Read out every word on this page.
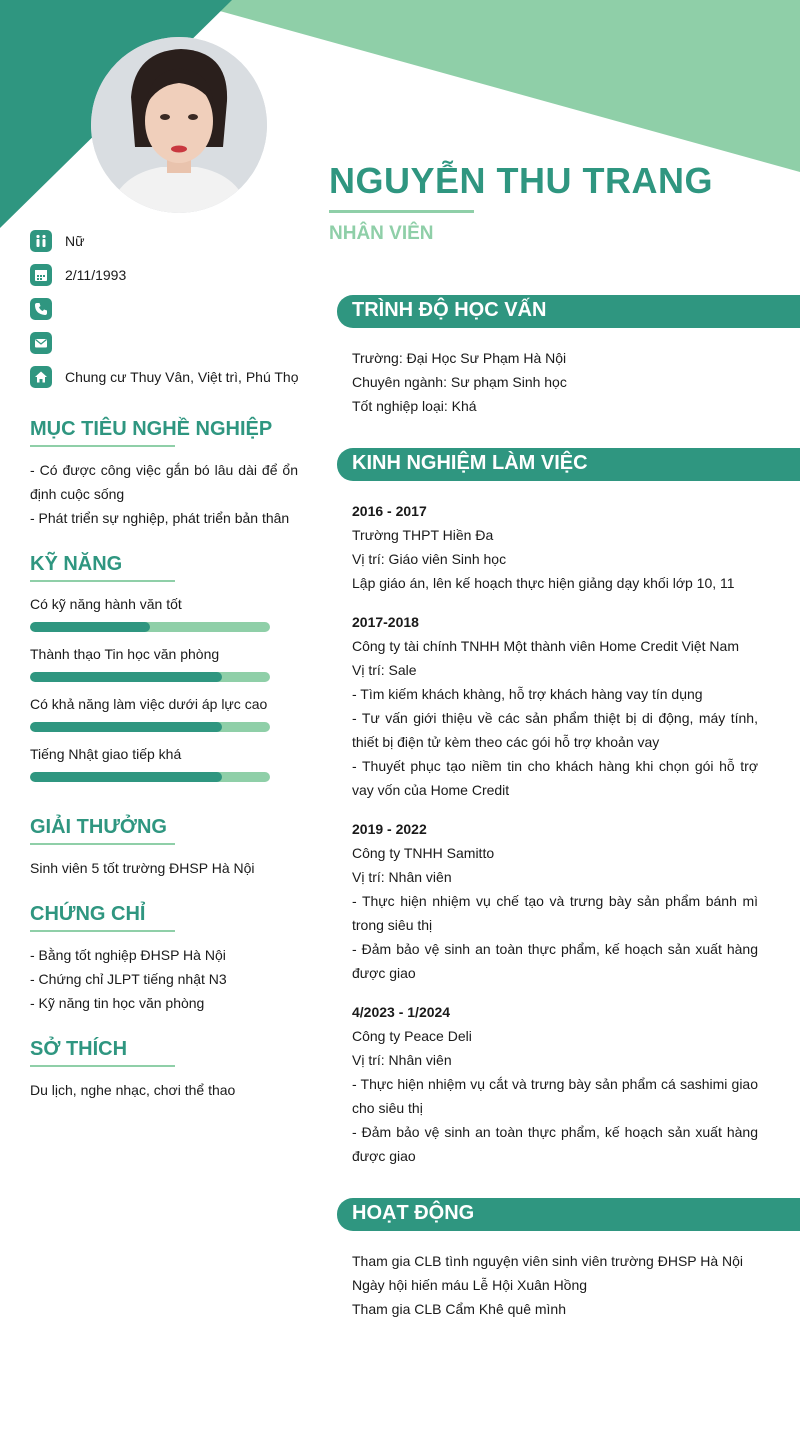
NGUYỄN THU TRANG
NHÂN VIÊN
Nữ
2/11/1993
Chung cư Thuy Vân, Việt trì, Phú Thọ
MỤC TIÊU NGHỀ NGHIỆP
- Có được công việc gắn bó lâu dài để ổn
định cuộc sống
- Phát triển sự nghiệp, phát triển bản thân
KỸ NĂNG
Có kỹ năng hành văn tốt
Thành thạo Tin học văn phòng
Có khả năng làm việc dưới áp lực cao
Tiếng Nhật giao tiếp khá
GIẢI THƯỞNG
Sinh viên 5 tốt trường ĐHSP Hà Nội
CHỨNG CHỈ
- Bằng tốt nghiệp ĐHSP Hà Nội
- Chứng chỉ JLPT tiếng nhật N3
- Kỹ năng tin học văn phòng
SỞ THÍCH
Du lịch, nghe nhạc, chơi thể thao
TRÌNH ĐỘ HỌC VẤN
Trường: Đại Học Sư Phạm Hà Nội
Chuyên ngành: Sư phạm Sinh học
Tốt nghiệp loại: Khá
KINH NGHIỆM LÀM VIỆC
2016 - 2017
Trường THPT Hiền Đa
Vị trí: Giáo viên Sinh học
Lập giáo án, lên kế hoạch thực hiện giảng dạy khối lớp 10, 11
2017-2018
Công ty tài chính TNHH Một thành viên Home Credit Việt Nam
Vị trí: Sale
- Tìm kiếm khách khàng, hỗ trợ khách hàng vay tín dụng
- Tư vấn giới thiệu về các sản phẩm thiệt bị di động, máy tính, thiết bị điện tử kèm theo các gói hỗ trợ khoản vay
- Thuyết phục tạo niềm tin cho khách hàng khi chọn gói hỗ trợ vay vốn của Home Credit
2019 - 2022
Công ty TNHH Samitto
Vị trí: Nhân viên
- Thực hiện nhiệm vụ chế tạo và trưng bày sản phẩm bánh mì trong siêu thị
- Đảm bảo vệ sinh an toàn thực phẩm, kế hoạch sản xuất hàng được giao
4/2023 - 1/2024
Công ty Peace Deli
Vị trí: Nhân viên
- Thực hiện nhiệm vụ cắt và trưng bày sản phẩm cá sashimi giao cho siêu thị
- Đảm bảo vệ sinh an toàn thực phẩm, kế hoạch sản xuất hàng được giao
HOẠT ĐỘNG
Tham gia CLB tình nguyện viên sinh viên trường ĐHSP Hà Nội
Ngày hội hiến máu Lễ Hội Xuân Hồng
Tham gia CLB Cẩm Khê quê mình
